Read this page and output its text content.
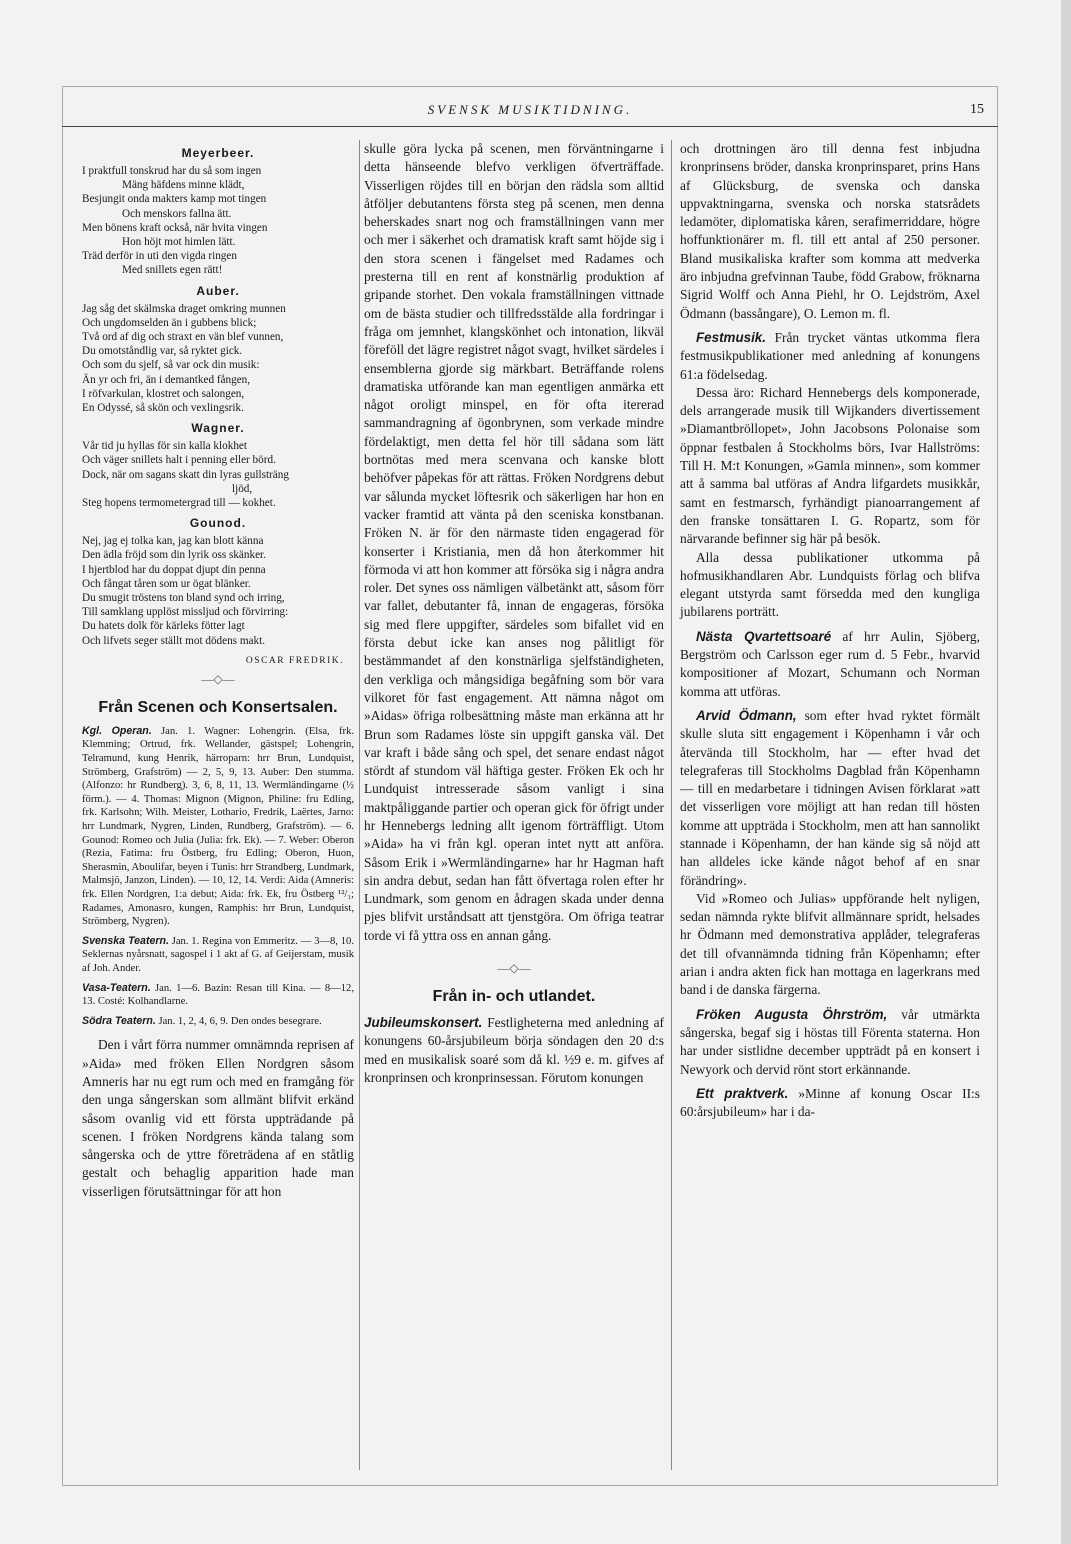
SVENSK MUSIKTIDNING.	15
Meyerbeer.
I praktfull tonskrud har du så som ingen
Mäng häfdens minne klädt,
Besjungit onda makters kamp mot tingen
Och menskors fallna ätt.
Men bönens kraft också, när hvita vingen
Hon höjt mot himlen lätt.
Träd derför in uti den vigda ringen
Med snillets egen rätt!
Auber.
Jag såg det skälmska draget omkring munnen
Och ungdomselden än i gubbens blick;
Två ord af dig och straxt en vän blef vunnen,
Du omotståndlig var, så ryktet gick.
Och som du sjelf, så var ock din musik:
Än yr och fri, än i demantked fången,
I röfvarkulan, klostret och salongen,
En Odyssé, så skön och vexlingsrik.
Wagner.
Vår tid ju hyllas för sin kalla klokhet
Och väger snillets halt i penning eller börd.
Dock, när om sagans skatt din lyras gullsträng
ljöd,
Steg hopens termometergrad till — kokhet.
Gounod.
Nej, jag ej tolka kan, jag kan blott känna
Den ädla fröjd som din lyrik oss skänker.
I hjertblod har du doppat djupt din penna
Och fångat tåren som ur ögat blänker.
Du smugit tröstens ton bland synd och irring,
Till samklang upplöst missljud och förvirring:
Du hatets dolk för kärleks fötter lagt
Och lifvets seger ställt mot dödens makt.
OSCAR FREDRIK.
—◇—
Från Scenen och Konsertsalen.

Kgl. Operan. Jan. 1. Wagner: Lohengrin. (Elsa, frk. Klemming; Ortrud, frk. Wellander, gästspel; Lohengrin, Telramund, kung Henrik, härroparn: hrr Brun, Lundquist, Strömberg, Grafström) — 2, 5, 9, 13. Auber: Den stumma. (Alfonzo: hr Rundberg). 3, 6, 8, 11, 13. Wermländingarne (½ förm.). — 4. Thomas: Mignon (Mignon, Philine: fru Edling, frk. Karlsohn; Wilh. Meister, Lothario, Fredrik, Laërtes, Jarno: hrr Lundmark, Nygren, Linden, Rundberg, Grafström). — 6. Gounod: Romeo och Julia (Julia: frk. Ek). — 7. Weber: Oberon (Rezia, Fatima: fru Östberg, fru Edling; Oberon, Huon, Sherasmin, Aboulifar, beyen i Tunis: hrr Strandberg, Lundmark, Malmsjö, Janzon, Linden). — 10, 12, 14. Verdi: Aida (Amneris: frk. Ellen Nordgren, 1:a debut; Aida: frk. Ek, fru Östberg ¹²/₁; Radames, Amonasro, kungen, Ramphis: hrr Brun, Lundquist, Strömberg, Nygren).

Svenska Teatern. Jan. 1. Regina von Emmeritz. — 3—8, 10. Seklernas nyårsnatt, sagospel i 1 akt af G. af Geijerstam, musik af Joh. Ander.

Vasa-Teatern. Jan. 1—6. Bazin: Resan till Kina. — 8—12, 13. Costé: Kolhandlarne.

Södra Teatern. Jan. 1, 2, 4, 6, 9. Den ondes besegrare.

Den i vårt förra nummer omnämnda reprisen af »Aida» med fröken Ellen Nordgren såsom Amneris har nu egt rum och med en framgång för den unga sångerskan som allmänt blifvit erkänd såsom ovanlig vid ett första uppträdande på scenen. I fröken Nordgrens kända talang som sångerska och de yttre företrädena af en ståtlig gestalt och behaglig apparition hade man visserligen förutsättningar för att hon

skulle göra lycka på scenen, men förväntningarne i detta hänseende blefvo verkligen öfverträffade. Visserligen röjdes till en början den rädsla som alltid åtföljer debutantens första steg på scenen, men denna beherskades snart nog och framställningen vann mer och mer i säkerhet och dramatisk kraft samt höjde sig i den stora scenen i fängelset med Radames och presterna till en rent af konstnärlig produktion af gripande storhet. Den vokala framställningen vittnade om de bästa studier och tillfredsstälde alla fordringar i fråga om jemnhet, klangskönhet och intonation, likväl föreföll det lägre registret något svagt, hvilket särdeles i ensemblerna gjorde sig märkbart. Beträffande rolens dramatiska utförande kan man egentligen anmärka ett något oroligt minspel, en för ofta itererad sammandragning af ögonbrynen, som verkade mindre fördelaktigt, men detta fel hör till sådana som lätt bortnötas med mera scenvana och kanske blott behöfver påpekas för att rättas. Fröken Nordgrens debut var sålunda mycket löftesrik och säkerligen har hon en vacker framtid att vänta på den sceniska konstbanan. Fröken N. är för den närmaste tiden engagerad för konserter i Kristiania, men då hon återkommer hit förmoda vi att hon kommer att försöka sig i några andra roler. Det synes oss nämligen välbetänkt att, såsom förr var fallet, debutanter få, innan de engageras, försöka sig med flere uppgifter, särdeles som bifallet vid en första debut icke kan anses nog pålitligt för bestämmandet af den konstnärliga sjelfständigheten, den verkliga och mångsidiga begåfning som bör vara vilkoret för fast engagement. Att nämna något om »Aidas» öfriga rolbesättning måste man erkänna att hr Brun som Radames löste sin uppgift ganska väl. Det var kraft i både sång och spel, det senare endast något stördt af stundom väl häftiga gester. Fröken Ek och hr Lundquist intresserade såsom vanligt i sina maktpåliggande partier och operan gick för öfrigt under hr Hennebergs ledning allt igenom förträffligt. Utom »Aida» ha vi från kgl. operan intet nytt att anföra. Såsom Erik i »Wermländingarne» har hr Hagman haft sin andra debut, sedan han fått öfvertaga rolen efter hr Lundmark, som genom en ådragen skada under denna pjes blifvit urståndsatt att tjenstgöra. Om öfriga teatrar torde vi få yttra oss en annan gång.

—◇—
Från in- och utlandet.

Jubileumskonsert. Festligheterna med anledning af konungens 60-årsjubileum börja söndagen den 20 d:s med en musikalisk soaré som då kl. ½9 e. m. gifves af kronprinsen och kronprinsessan. Förutom konungen

och drottningen äro till denna fest inbjudna kronprinsens bröder, danska kronprinsparet, prins Hans af Glücksburg, de svenska och danska uppvaktningarna, svenska och norska statsrådets ledamöter, diplomatiska kåren, serafimerriddare, högre hoffunktionärer m. fl. till ett antal af 250 personer. Bland musikaliska krafter som komma att medverka äro inbjudna grefvinnan Taube, född Grabow, fröknarna Sigrid Wolff och Anna Piehl, hr O. Lejdström, Axel Ödmann (bassångare), O. Lemon m. fl.

Festmusik. Från trycket väntas utkomma flera festmusikpublikationer med anledning af konungens 61:a födelsedag.

Dessa äro: Richard Hennebergs dels komponerade, dels arrangerade musik till Wijkanders divertissement »Diamantbröllopet», John Jacobsons Polonaise som öppnar festbalen å Stockholms börs, Ivar Hallströms: Till H. M:t Konungen, »Gamla minnen», som kommer att å samma bal utföras af Andra lifgardets musikkår, samt en festmarsch, fyrhändigt pianoarrangement af den franske tonsättaren I. G. Ropartz, som för närvarande befinner sig här på besök.

Alla dessa publikationer utkomma på hofmusikhandlaren Abr. Lundquists förlag och blifva elegant utstyrda samt försedda med den kungliga jubilarens porträtt.

Nästa Qvartettsoaré af hrr Aulin, Sjöberg, Bergström och Carlsson eger rum d. 5 Febr., hvarvid kompositioner af Mozart, Schumann och Norman komma att utföras.

Arvid Ödmann, som efter hvad ryktet förmält skulle sluta sitt engagement i Köpenhamn i vår och återvända till Stockholm, har — efter hvad det telegraferas till Stockholms Dagblad från Köpenhamn — till en medarbetare i tidningen Avisen förklarat »att det visserligen vore möjligt att han redan till hösten komme att uppträda i Stockholm, men att han sannolikt stannade i Köpenhamn, der han kände sig så nöjd att han alldeles icke kände något behof af en snar förändring».

Vid »Romeo och Julias» uppförande helt nyligen, sedan nämnda rykte blifvit allmännare spridt, helsades hr Ödmann med demonstrativa applåder, telegraferas det till ofvannämnda tidning från Köpenhamn; efter arian i andra akten fick han mottaga en lagerkrans med band i de danska färgerna.

Fröken Augusta Öhrström, vår utmärkta sångerska, begaf sig i höstas till Förenta staterna. Hon har under sistlidne december uppträdt på en konsert i Newyork och dervid rönt stort erkännande.

Ett praktverk. »Minne af konung Oscar II:s 60:årsjubileum» har i da-
